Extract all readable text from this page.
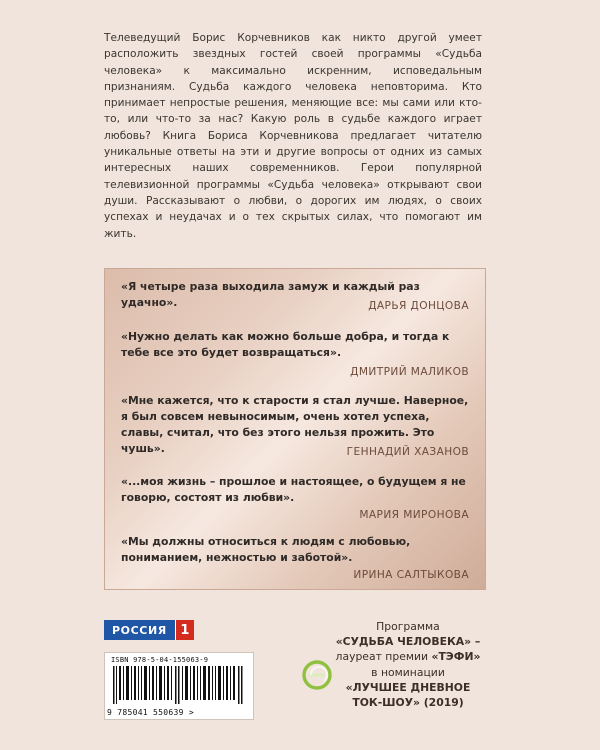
Телеведущий Борис Корчевников как никто другой умеет расположить звездных гостей своей программы «Судьба человека» к максимально искренним, исповедальным признаниям. Судьба каждого человека неповторима. Кто принимает непростые решения, меняющие все: мы сами или кто-то, или что-то за нас? Какую роль в судьбе каждого играет любовь? Книга Бориса Корчевникова предлагает читателю уникальные ответы на эти и другие вопросы от одних из самых интересных наших современников. Герои популярной телевизионной программы «Судьба человека» открывают свои души. Рассказывают о любви, о дорогих им людях, о своих успехах и неудачах и о тех скрытых силах, что помогают им жить.

«Я четыре раза выходила замуж и каждый раз удачно».	ДАРЬЯ ДОНЦОВА

«Нужно делать как можно больше добра, и тогда к тебе все это будет возвращаться».

ДМИТРИЙ МАЛИКОВ

«Мне кажется, что к старости я стал лучше. Наверное, я был совсем невыносимым, очень хотел успеха, славы, считал, что без этого нельзя прожить. Это чушь».	ГЕННАДИЙ ХАЗАНОВ

«...моя жизнь – прошлое и настоящее, о будущем я не говорю, состоят из любви».

МАРИЯ МИРОНОВА

«Мы должны относиться к людям с любовью, пониманием, нежностью и заботой».

ИРИНА САЛТЫКОВА

РОССИЯ	1
ISBN 978-5-04-155063-9
9 785041 550639 >
Программа
«СУДЬБА ЧЕЛОВЕКА» –
лауреат премии «ТЭФИ»
в номинации
«ЛУЧШЕЕ ДНЕВНОЕ
ТОК-ШОУ» (2019)
